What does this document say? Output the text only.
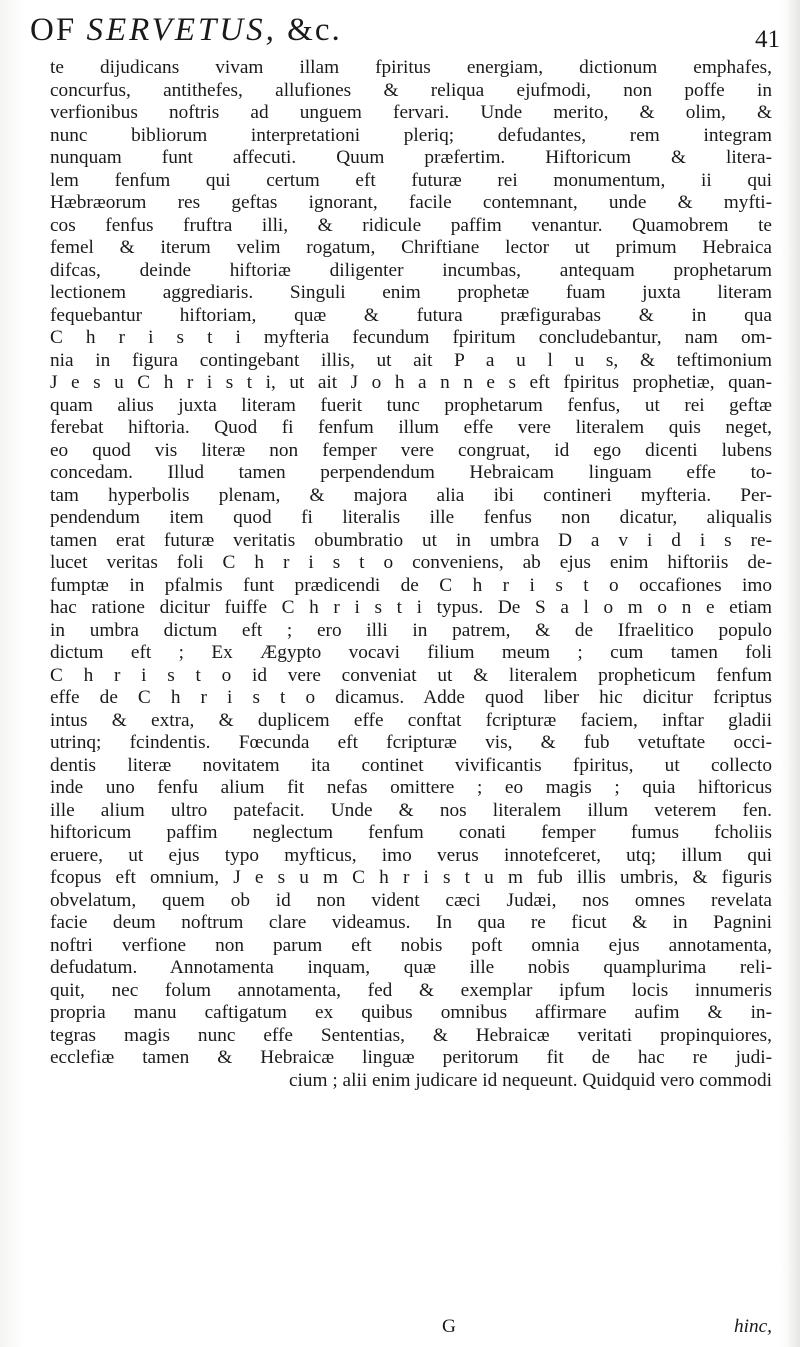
OF SERVETUS, &c.	41
te dijudicans vivam illam fpiritus energiam, dictionum emphafes,
concurfus, antithefes, allufiones & reliqua ejufmodi, non poffe in
verfionibus noftris ad unguem fervari. Unde merito, & olim, &
nunc bibliorum interpretationi pleriq; defudantes, rem integram
nunquam funt affecuti. Quum præfertim. Hiftoricum & litera-
lem fenfum qui certum eft futuræ rei monumentum, ii qui
Hæbræorum res geftas ignorant, facile contemnant, unde & myfti-
cos fenfus fruftra illi, & ridicule paffim venantur. Quamobrem te
femel & iterum velim rogatum, Chriftiane lector ut primum Hebraica
difcas, deinde hiftoriæ diligenter incumbas, antequam prophetarum
lectionem aggrediaris. Singuli enim prophetæ fuam juxta literam
fequebantur hiftoriam, quæ & futura præfigurabas & in qua
C h r i s t i myfteria fecundum fpiritum concludebantur, nam om-
nia in figura contingebant illis, ut ait P a u l u s, & teftimonium
J e s u C h r i s t i, ut ait J o h a n n e s eft fpiritus prophetiæ, quan-
quam alius juxta literam fuerit tunc prophetarum fenfus, ut rei geftæ
ferebat hiftoria. Quod fi fenfum illum effe vere literalem quis neget,
eo quod vis literæ non femper vere congruat, id ego dicenti lubens
concedam. Illud tamen perpendendum Hebraicam linguam effe to-
tam hyperbolis plenam, & majora alia ibi contineri myfteria. Per-
pendendum item quod fi literalis ille fenfus non dicatur, aliqualis
tamen erat futuræ veritatis obumbratio ut in umbra D a v i d i s re-
lucet veritas foli C h r i s t o conveniens, ab ejus enim hiftoriis de-
fumptæ in pfalmis funt prædicendi de C h r i s t o occafiones imo
hac ratione dicitur fuiffe C h r i s t i typus. De S a l o m o n e etiam
in umbra dictum eft ; ero illi in patrem, & de Ifraelitico populo
dictum eft ; Ex Ægypto vocavi filium meum ; cum tamen foli
C h r i s t o id vere conveniat ut & literalem propheticum fenfum
effe de C h r i s t o dicamus. Adde quod liber hic dicitur fcriptus
intus & extra, & duplicem effe conftat fcripturæ faciem, inftar gladii
utrinq; fcindentis. Fœcunda eft fcripturæ vis, & fub vetuftate occi-
dentis literæ novitatem ita continet vivificantis fpiritus, ut collecto
inde uno fenfu alium fit nefas omittere ; eo magis ; quia hiftoricus
ille alium ultro patefacit. Unde & nos literalem illum veterem fen.
hiftoricum paffim neglectum fenfum conati femper fumus fcholiis
eruere, ut ejus typo myfticus, imo verus innotefceret, utq; illum qui
fcopus eft omnium, J e s u m C h r i s t u m fub illis umbris, & figuris
obvelatum, quem ob id non vident cæci Judæi, nos omnes revelata
facie deum noftrum clare videamus. In qua re ficut & in Pagnini
noftri verfione non parum eft nobis poft omnia ejus annotamenta,
defudatum. Annotamenta inquam, quæ ille nobis quamplurima reli-
quit, nec folum annotamenta, fed & exemplar ipfum locis innumeris
propria manu caftigatum ex quibus omnibus affirmare aufim & in-
tegras magis nunc effe Sententias, & Hebraicæ veritati propinquiores,
ecclefiæ tamen & Hebraicæ linguæ peritorum fit de hac re judi-
cium ; alii enim judicare id nequeunt. Quidquid vero commodi
G	hinc,
